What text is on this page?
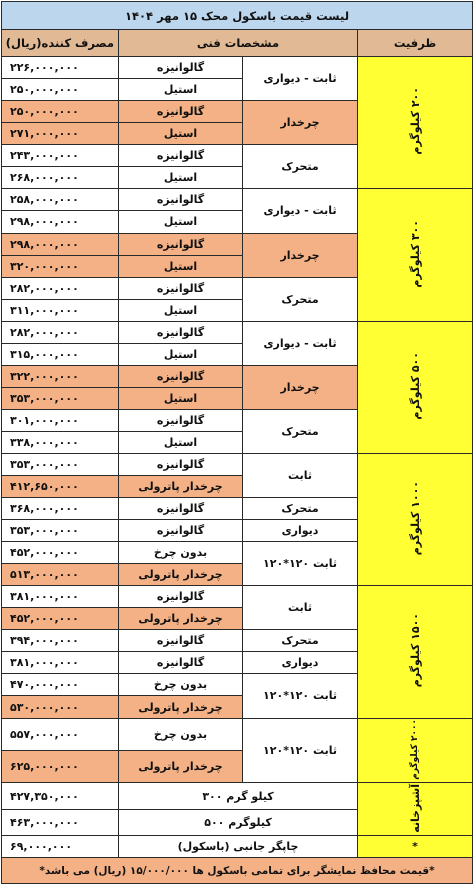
لیست قیمت باسکول محک ۱۵ مهر ۱۴۰۴			
ظرفیت	مشخصات فنی		مصرف کننده(ریال)
۲۰۰ کیلوگرم	ثابت - دیواری	گالوانیزه	۲۲۶,۰۰۰,۰۰۰
		استیل	۲۵۰,۰۰۰,۰۰۰
	چرخدار	گالوانیزه	۲۵۰,۰۰۰,۰۰۰
		استیل	۲۷۱,۰۰۰,۰۰۰
	متحرک	گالوانیزه	۲۴۳,۰۰۰,۰۰۰
		استیل	۲۶۸,۰۰۰,۰۰۰
۳۰۰ کیلوگرم	ثابت - دیواری	گالوانیزه	۲۵۸,۰۰۰,۰۰۰
		استیل	۲۹۸,۰۰۰,۰۰۰
	چرخدار	گالوانیزه	۲۹۸,۰۰۰,۰۰۰
		استیل	۳۲۰,۰۰۰,۰۰۰
	متحرک	گالوانیزه	۲۸۲,۰۰۰,۰۰۰
		استیل	۳۱۱,۰۰۰,۰۰۰
۵۰۰ کیلوگرم	ثابت - دیواری	گالوانیزه	۲۸۲,۰۰۰,۰۰۰
		استیل	۳۱۵,۰۰۰,۰۰۰
	چرخدار	گالوانیزه	۳۲۲,۰۰۰,۰۰۰
		استیل	۳۵۳,۰۰۰,۰۰۰
	متحرک	گالوانیزه	۳۰۱,۰۰۰,۰۰۰
		استیل	۳۳۸,۰۰۰,۰۰۰
۱۰۰۰ کیلوگرم	ثابت	گالوانیزه	۳۵۳,۰۰۰,۰۰۰
		چرخدار پاترولی	۴۱۲,۶۵۰,۰۰۰
	متحرک	گالوانیزه	۳۶۸,۰۰۰,۰۰۰
	دیواری	گالوانیزه	۳۵۳,۰۰۰,۰۰۰
	ثابت ۱۲۰*۱۲۰	بدون چرخ	۴۵۲,۰۰۰,۰۰۰
		چرخدار پاترولی	۵۱۳,۰۰۰,۰۰۰
۱۵۰۰ کیلوگرم	ثابت	گالوانیزه	۳۸۱,۰۰۰,۰۰۰
		چرخدار پاترولی	۴۵۲,۰۰۰,۰۰۰
	متحرک	گالوانیزه	۳۹۴,۰۰۰,۰۰۰
	دیواری	گالوانیزه	۳۸۱,۰۰۰,۰۰۰
	ثابت ۱۲۰*۱۲۰	بدون چرخ	۴۷۰,۰۰۰,۰۰۰
		چرخدار پاترولی	۵۳۰,۰۰۰,۰۰۰
۲۰۰۰ کیلوگرم	ثابت ۱۲۰*۱۲۰	بدون چرخ	۵۵۷,۰۰۰,۰۰۰
		چرخدار پاترولی	۶۲۵,۰۰۰,۰۰۰
آشپزخانه	کیلو گرم ۳۰۰		۴۲۷,۳۵۰,۰۰۰
	کیلوگرم ۵۰۰		۴۶۳,۰۰۰,۰۰۰
*	چاپگر جانبی (باسکول)		۶۹,۰۰۰,۰۰۰
*قیمت محافظ نمایشگر برای تمامی باسکول ها ۱۵/۰۰۰/۰۰۰ (ریال) می باشد*			
